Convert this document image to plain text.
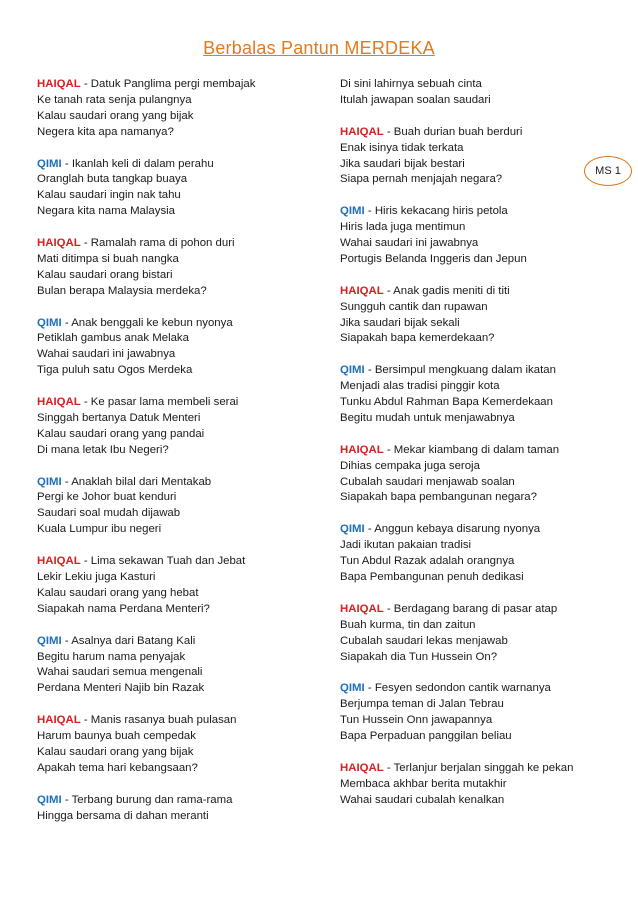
Berbalas Pantun MERDEKA
MS 1
HAIQAL - Datuk Panglima pergi membajak
Ke tanah rata senja pulangnya
Kalau saudari orang yang bijak
Negera kita apa namanya?
QIMI - Ikanlah keli di dalam perahu
Oranglah buta tangkap buaya
Kalau saudari ingin nak tahu
Negara kita nama Malaysia
HAIQAL - Ramalah rama di pohon duri
Mati ditimpa si buah nangka
Kalau saudari orang bistari
Bulan berapa Malaysia merdeka?
QIMI - Anak benggali ke kebun nyonya
Petiklah gambus anak Melaka
Wahai saudari ini jawabnya
Tiga puluh satu Ogos Merdeka
HAIQAL - Ke pasar lama membeli serai
Singgah bertanya Datuk Menteri
Kalau saudari orang yang pandai
Di mana letak Ibu Negeri?
QIMI - Anaklah bilal dari Mentakab
Pergi ke Johor buat kenduri
Saudari soal mudah dijawab
Kuala Lumpur ibu negeri
HAIQAL - Lima sekawan Tuah dan Jebat
Lekir Lekiu juga Kasturi
Kalau saudari orang yang hebat
Siapakah nama Perdana Menteri?
QIMI - Asalnya dari Batang Kali
Begitu harum nama penyajak
Wahai saudari semua mengenali
Perdana Menteri Najib bin Razak
HAIQAL - Manis rasanya buah pulasan
Harum baunya buah cempedak
Kalau saudari orang yang bijak
Apakah tema hari kebangsaan?
QIMI - Terbang burung dan rama-rama
Hingga bersama di dahan meranti
Di sini lahirnya sebuah cinta
Itulah jawapan soalan saudari
HAIQAL - Buah durian buah berduri
Enak isinya tidak terkata
Jika saudari bijak bestari
Siapa pernah menjajah negara?
QIMI - Hiris kekacang hiris petola
Hiris lada juga mentimun
Wahai saudari ini jawabnya
Portugis Belanda Inggeris dan Jepun
HAIQAL - Anak gadis meniti di titi
Sungguh cantik dan rupawan
Jika saudari bijak sekali
Siapakah bapa kemerdekaan?
QIMI - Bersimpul mengkuang dalam ikatan
Menjadi alas tradisi pinggir kota
Tunku Abdul Rahman Bapa Kemerdekaan
Begitu mudah untuk menjawabnya
HAIQAL - Mekar kiambang di dalam taman
Dihias cempaka juga seroja
Cubalah saudari menjawab soalan
Siapakah bapa pembangunan negara?
QIMI - Anggun kebaya disarung nyonya
Jadi ikutan pakaian tradisi
Tun Abdul Razak adalah orangnya
Bapa Pembangunan penuh dedikasi
HAIQAL - Berdagang barang di pasar atap
Buah kurma, tin dan zaitun
Cubalah saudari lekas menjawab
Siapakah dia Tun Hussein On?
QIMI - Fesyen sedondon cantik warnanya
Berjumpa teman di Jalan Tebrau
Tun Hussein Onn jawapannya
Bapa Perpaduan panggilan beliau
HAIQAL - Terlanjur berjalan singgah ke pekan
Membaca akhbar berita mutakhir
Wahai saudari cubalah kenalkan
